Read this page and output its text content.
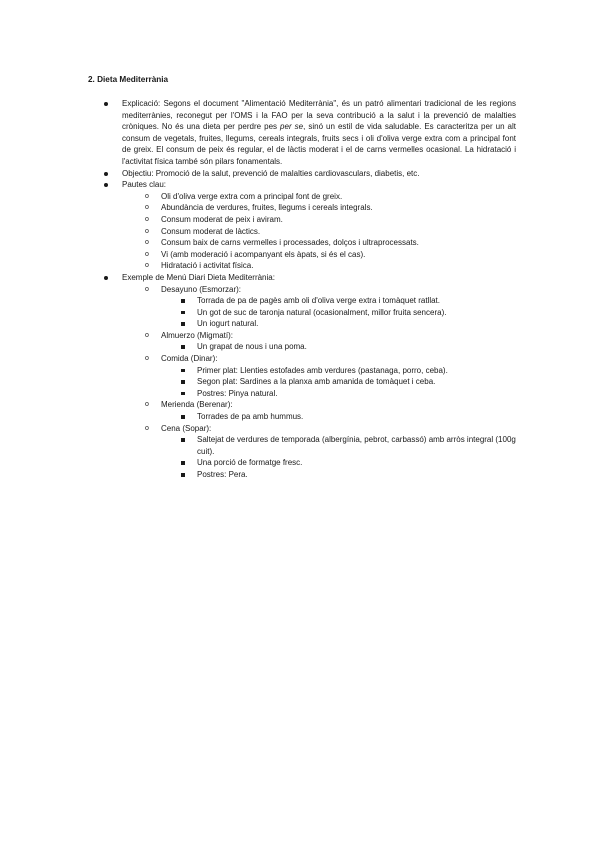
2. Dieta Mediterrània
Explicació: Segons el document "Alimentació Mediterrània", és un patró alimentari tradicional de les regions mediterrànies, reconegut per l'OMS i la FAO per la seva contribució a la salut i la prevenció de malalties cròniques. No és una dieta per perdre pes per se, sinó un estil de vida saludable. Es caracteritza per un alt consum de vegetals, fruites, llegums, cereals integrals, fruits secs i oli d'oliva verge extra com a principal font de greix. El consum de peix és regular, el de làctis moderat i el de carns vermelles ocasional. La hidratació i l'activitat física també són pilars fonamentals.
Objectiu: Promoció de la salut, prevenció de malalties cardiovasculars, diabetis, etc.
Pautes clau:
o Oli d'oliva verge extra com a principal font de greix.
o Abundància de verdures, fruites, llegums i cereals integrals.
o Consum moderat de peix i aviram.
o Consum moderat de làctics.
o Consum baix de carns vermelles i processades, dolços i ultraprocessats.
o Vi (amb moderació i acompanyant els àpats, si és el cas).
o Hidratació i activitat física.
Exemple de Menú Diari Dieta Mediterrània:
o Desayuno (Esmorzar):
Torrada de pa de pagès amb oli d'oliva verge extra i tomàquet ratllat.
Un got de suc de taronja natural (ocasionalment, millor fruita sencera).
Un iogurt natural.
o Almuerzo (Migmatí):
Un grapat de nous i una poma.
o Comida (Dinar):
Primer plat: Llenties estofades amb verdures (pastanaga, porro, ceba).
Segon plat: Sardines a la planxa amb amanida de tomàquet i ceba.
Postres: Pinya natural.
o Merienda (Berenar):
Torrades de pa amb hummus.
o Cena (Sopar):
Saltejat de verdures de temporada (albergínia, pebrot, carbassó) amb arròs integral (100g cuit).
Una porció de formatge fresc.
Postres: Pera.
